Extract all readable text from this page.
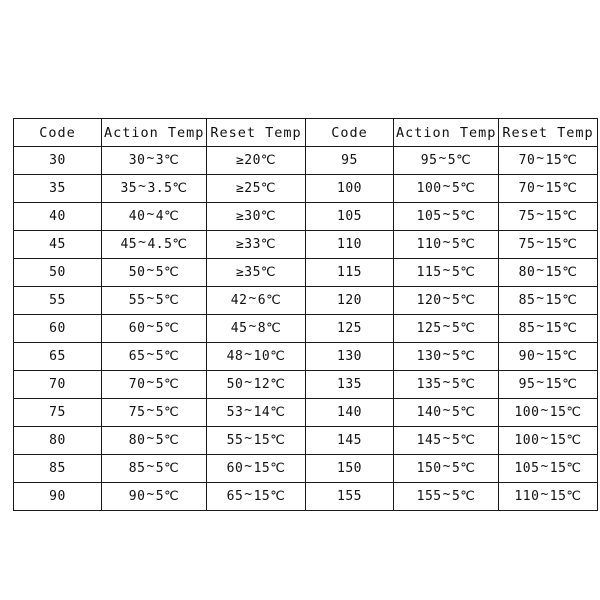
Code	Action Temp	Reset Temp	Code	Action Temp	Reset Temp
30	30~3℃	≥20℃	95	95~5℃	70~15℃
35	35~3.5℃	≥25℃	100	100~5℃	70~15℃
40	40~4℃	≥30℃	105	105~5℃	75~15℃
45	45~4.5℃	≥33℃	110	110~5℃	75~15℃
50	50~5℃	≥35℃	115	115~5℃	80~15℃
55	55~5℃	42~6℃	120	120~5℃	85~15℃
60	60~5℃	45~8℃	125	125~5℃	85~15℃
65	65~5℃	48~10℃	130	130~5℃	90~15℃
70	70~5℃	50~12℃	135	135~5℃	95~15℃
75	75~5℃	53~14℃	140	140~5℃	100~15℃
80	80~5℃	55~15℃	145	145~5℃	100~15℃
85	85~5℃	60~15℃	150	150~5℃	105~15℃
90	90~5℃	65~15℃	155	155~5℃	110~15℃
